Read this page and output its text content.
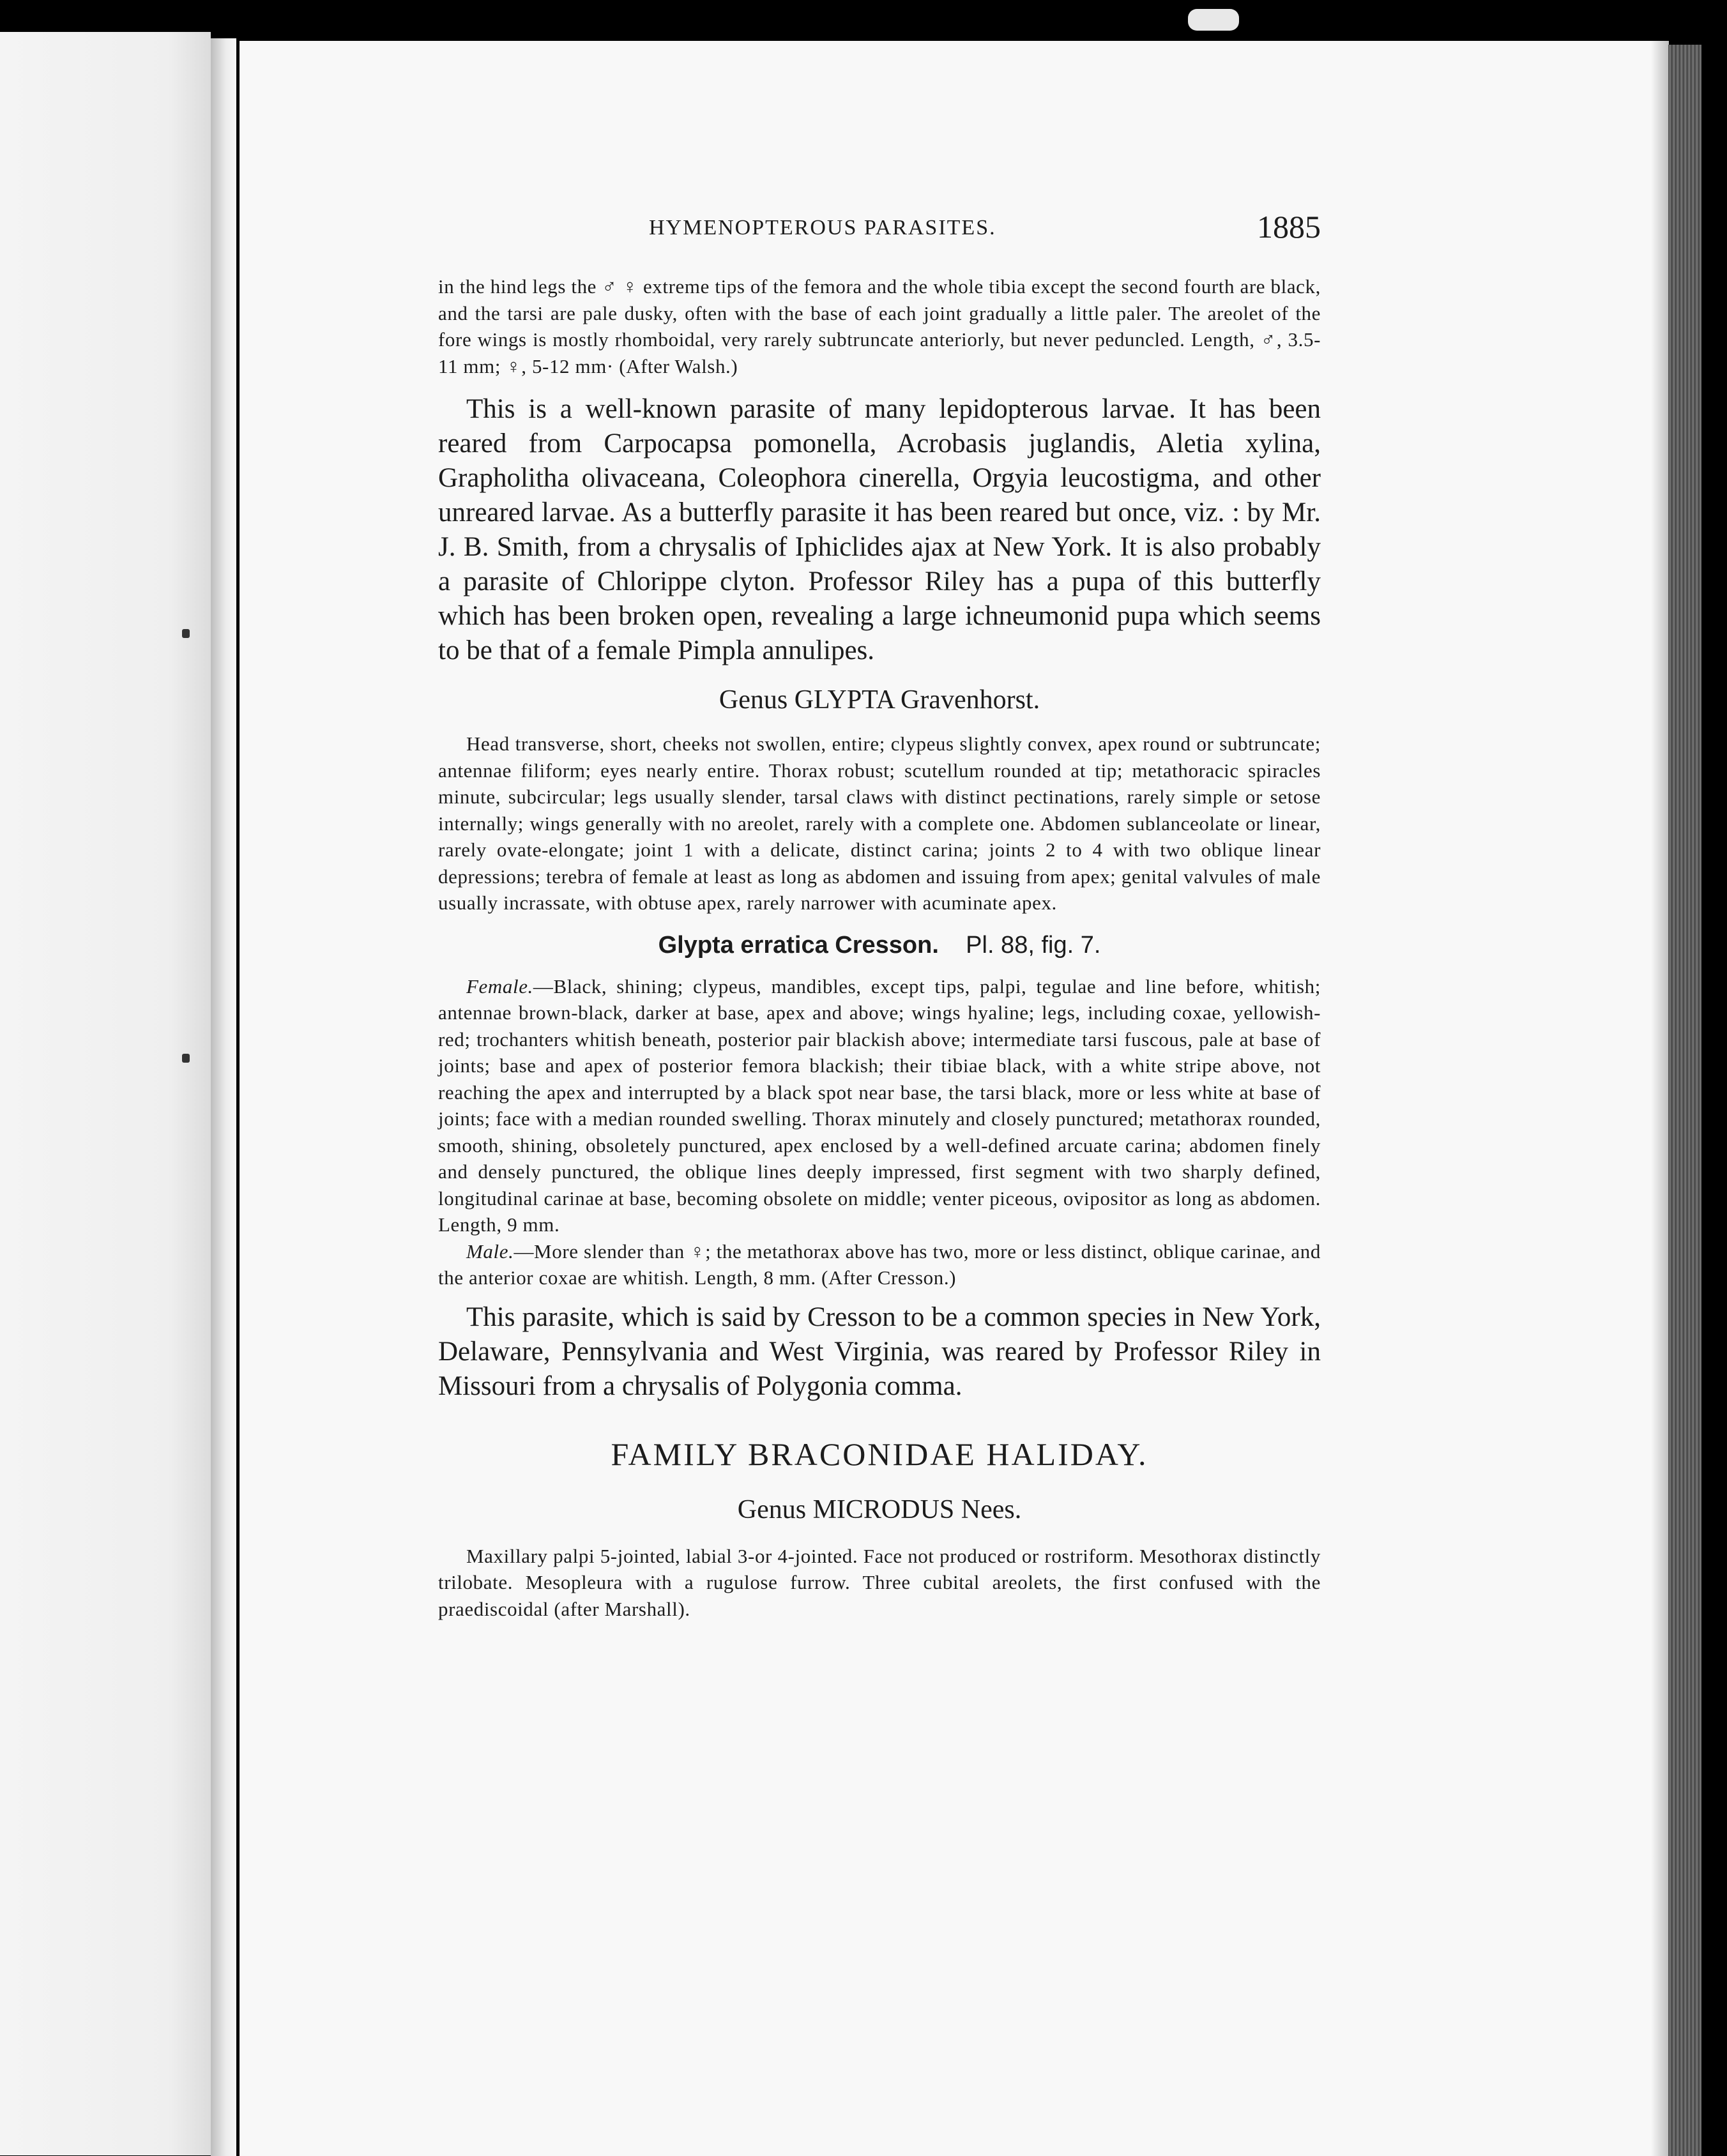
HYMENOPTEROUS PARASITES.	1885

in the hind legs the ♂ ♀ extreme tips of the femora and the whole tibia except the second fourth are black, and the tarsi are pale dusky, often with the base of each joint gradually a little paler. The areolet of the fore wings is mostly rhomboidal, very rarely subtruncate anteriorly, but never peduncled. Length, ♂, 3.5-11 mm; ♀, 5-12 mm· (After Walsh.)

This is a well-known parasite of many lepidopterous larvae. It has been reared from Carpocapsa pomonella, Acrobasis juglandis, Aletia xylina, Grapholitha olivaceana, Coleophora cinerella, Orgyia leucostigma, and other unreared larvae. As a butterfly parasite it has been reared but once, viz. : by Mr. J. B. Smith, from a chrysalis of Iphiclides ajax at New York. It is also probably a parasite of Chlorippe clyton. Professor Riley has a pupa of this butterfly which has been broken open, revealing a large ichneumonid pupa which seems to be that of a female Pimpla annulipes.

Genus GLYPTA Gravenhorst.

Head transverse, short, cheeks not swollen, entire; clypeus slightly convex, apex round or subtruncate; antennae filiform; eyes nearly entire. Thorax robust; scutellum rounded at tip; metathoracic spiracles minute, subcircular; legs usually slender, tarsal claws with distinct pectinations, rarely simple or setose internally; wings generally with no areolet, rarely with a complete one. Abdomen sublanceolate or linear, rarely ovate-elongate; joint 1 with a delicate, distinct carina; joints 2 to 4 with two oblique linear depressions; terebra of female at least as long as abdomen and issuing from apex; genital valvules of male usually incrassate, with obtuse apex, rarely narrower with acuminate apex.

Glypta erratica Cresson. Pl. 88, fig. 7.

Female.—Black, shining; clypeus, mandibles, except tips, palpi, tegulae and line before, whitish; antennae brown-black, darker at base, apex and above; wings hyaline; legs, including coxae, yellowish-red; trochanters whitish beneath, posterior pair blackish above; intermediate tarsi fuscous, pale at base of joints; base and apex of posterior femora blackish; their tibiae black, with a white stripe above, not reaching the apex and interrupted by a black spot near base, the tarsi black, more or less white at base of joints; face with a median rounded swelling. Thorax minutely and closely punctured; metathorax rounded, smooth, shining, obsoletely punctured, apex enclosed by a well-defined arcuate carina; abdomen finely and densely punctured, the oblique lines deeply impressed, first segment with two sharply defined, longitudinal carinae at base, becoming obsolete on middle; venter piceous, ovipositor as long as abdomen. Length, 9 mm.

Male.—More slender than ♀; the metathorax above has two, more or less distinct, oblique carinae, and the anterior coxae are whitish. Length, 8 mm. (After Cresson.)

This parasite, which is said by Cresson to be a common species in New York, Delaware, Pennsylvania and West Virginia, was reared by Professor Riley in Missouri from a chrysalis of Polygonia comma.

FAMILY BRACONIDAE HALIDAY.

Genus MICRODUS Nees.

Maxillary palpi 5-jointed, labial 3-or 4-jointed. Face not produced or rostriform. Mesothorax distinctly trilobate. Mesopleura with a rugulose furrow. Three cubital areolets, the first confused with the praediscoidal (after Marshall).
